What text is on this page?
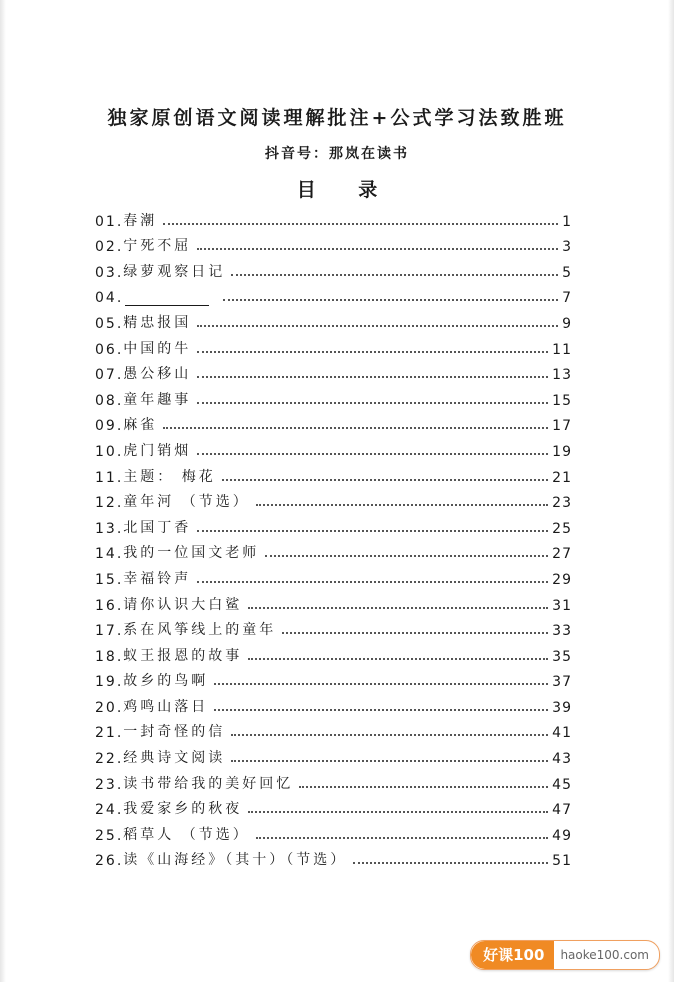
独家原创语文阅读理解批注+公式学习法致胜班
抖音号：那岚在读书
目 录
01. 春潮	1
02. 宁死不屈	3
03. 绿萝观察日记	5
04.	7
05. 精忠报国	9
06. 中国的牛	11
07. 愚公移山	13
08. 童年趣事	15
09. 麻雀	17
10. 虎门销烟	19
11. 主题： 梅花	21
12. 童年河 （节选）	23
13. 北国丁香	25
14. 我的一位国文老师	27
15. 幸福铃声	29
16. 请你认识大白鲨	31
17. 系在风筝线上的童年	33
18. 蚁王报恩的故事	35
19. 故乡的鸟啊	37
20. 鸡鸣山落日	39
21. 一封奇怪的信	41
22. 经典诗文阅读	43
23. 读书带给我的美好回忆	45
24. 我爱家乡的秋夜	47
25. 稻草人 （节选）	49
26. 读《山海经》（其十）（节选）	51
好课100	haoke100.com
